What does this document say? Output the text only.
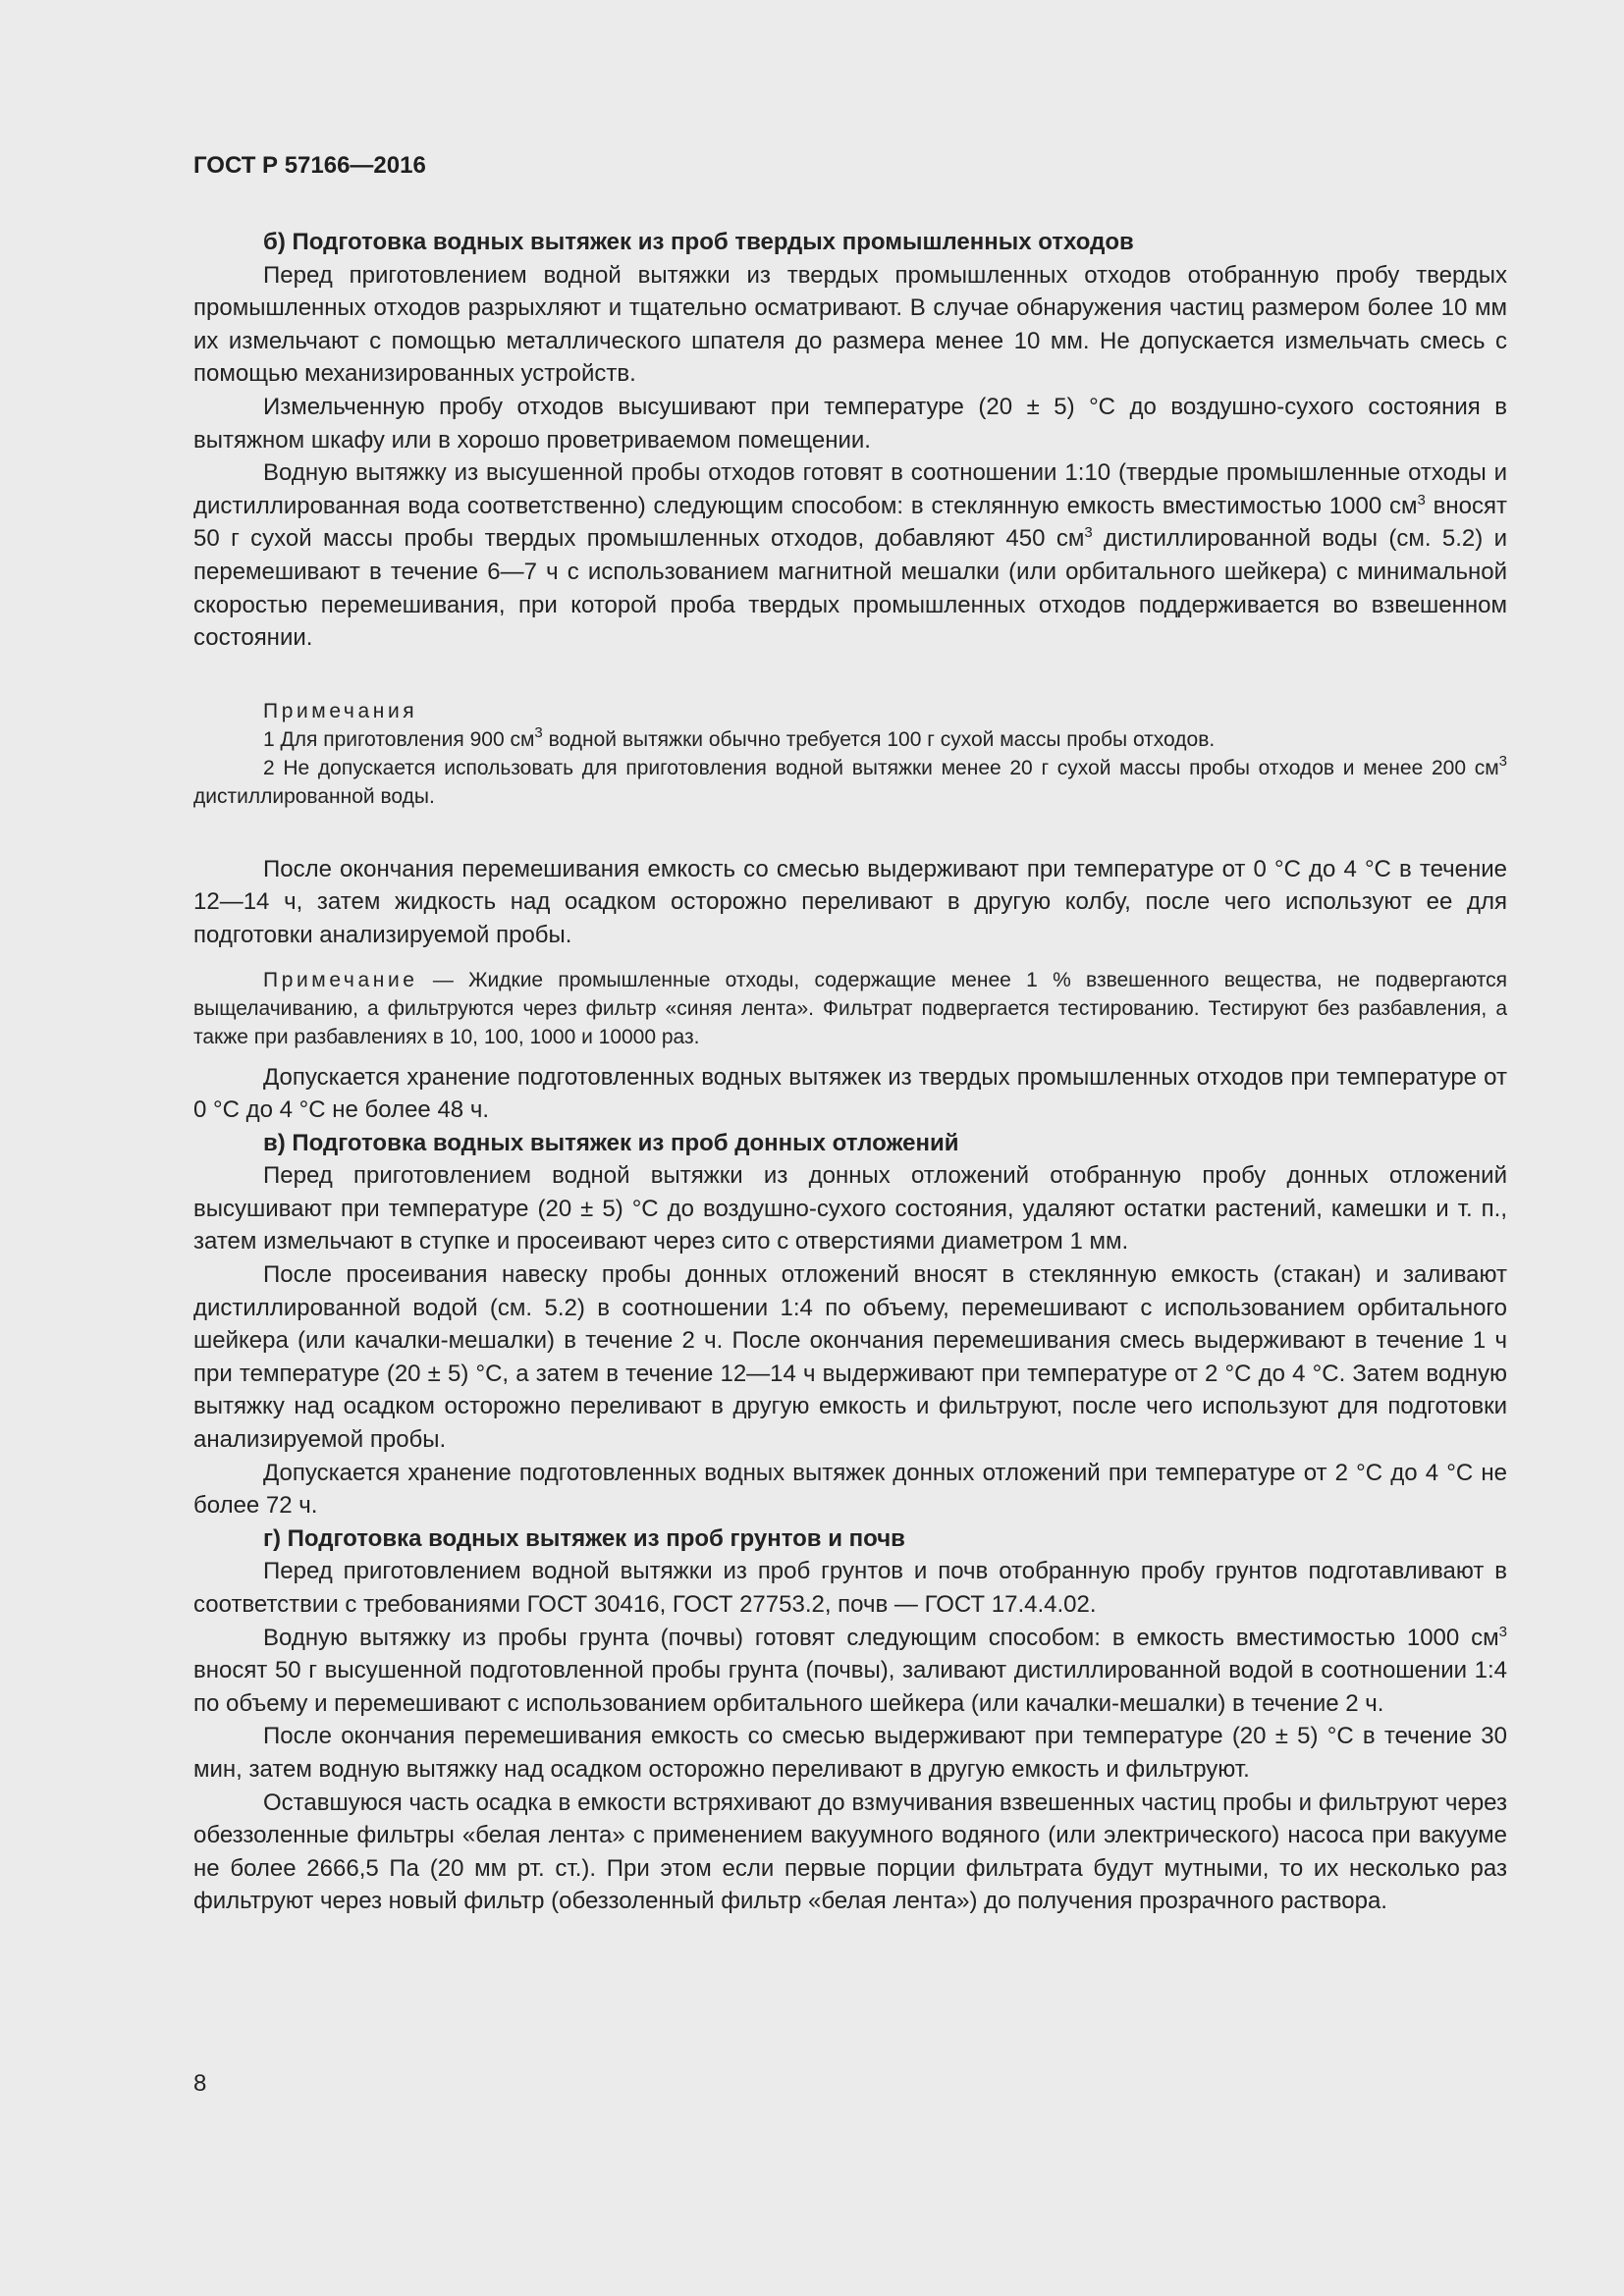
ГОСТ Р 57166—2016

б) Подготовка водных вытяжек из проб твердых промышленных отходов

Перед приготовлением водной вытяжки из твердых промышленных отходов отобранную пробу твердых промышленных отходов разрыхляют и тщательно осматривают. В случае обнаружения частиц размером более 10 мм их измельчают с помощью металлического шпателя до размера менее 10 мм. Не допускается измельчать смесь с помощью механизированных устройств.

Измельченную пробу отходов высушивают при температуре (20 ± 5) °С до воздушно-сухого состояния в вытяжном шкафу или в хорошо проветриваемом помещении.

Водную вытяжку из высушенной пробы отходов готовят в соотношении 1:10 (твердые промышленные отходы и дистиллированная вода соответственно) следующим способом: в стеклянную емкость вместимостью 1000 $см^3$ вносят 50 г сухой массы пробы твердых промышленных отходов, добавляют 450 $см^3$ дистиллированной воды (см. 5.2) и перемешивают в течение 6—7 ч с использованием магнитной мешалки (или орбитального шейкера) с минимальной скоростью перемешивания, при которой проба твердых промышленных отходов поддерживается во взвешенном состоянии.

Примечания

1 Для приготовления 900 $см^3$ водной вытяжки обычно требуется 100 г сухой массы пробы отходов.

2 Не допускается использовать для приготовления водной вытяжки менее 20 г сухой массы пробы отходов и менее 200 $см^3$ дистиллированной воды.

После окончания перемешивания емкость со смесью выдерживают при температуре от 0 °С до 4 °С в течение 12—14 ч, затем жидкость над осадком осторожно переливают в другую колбу, после чего используют ее для подготовки анализируемой пробы.

Примечание — Жидкие промышленные отходы, содержащие менее 1 % взвешенного вещества, не подвергаются выщелачиванию, а фильтруются через фильтр «синяя лента». Фильтрат подвергается тестированию. Тестируют без разбавления, а также при разбавлениях в 10, 100, 1000 и 10000 раз.

Допускается хранение подготовленных водных вытяжек из твердых промышленных отходов при температуре от 0 °С до 4 °С не более 48 ч.

в) Подготовка водных вытяжек из проб донных отложений

Перед приготовлением водной вытяжки из донных отложений отобранную пробу донных отложений высушивают при температуре (20 ± 5) °С до воздушно-сухого состояния, удаляют остатки растений, камешки и т. п., затем измельчают в ступке и просеивают через сито с отверстиями диаметром 1 мм.

После просеивания навеску пробы донных отложений вносят в стеклянную емкость (стакан) и заливают дистиллированной водой (см. 5.2) в соотношении 1:4 по объему, перемешивают с использованием орбитального шейкера (или качалки-мешалки) в течение 2 ч. После окончания перемешивания смесь выдерживают в течение 1 ч при температуре (20 ± 5) °С, а затем в течение 12—14 ч выдерживают при температуре от 2 °С до 4 °С. Затем водную вытяжку над осадком осторожно переливают в другую емкость и фильтруют, после чего используют для подготовки анализируемой пробы.

Допускается хранение подготовленных водных вытяжек донных отложений при температуре от 2 °С до 4 °С не более 72 ч.

г) Подготовка водных вытяжек из проб грунтов и почв

Перед приготовлением водной вытяжки из проб грунтов и почв отобранную пробу грунтов подготавливают в соответствии с требованиями ГОСТ 30416, ГОСТ 27753.2, почв — ГОСТ 17.4.4.02.

Водную вытяжку из пробы грунта (почвы) готовят следующим способом: в емкость вместимостью 1000 $см^3$ вносят 50 г высушенной подготовленной пробы грунта (почвы), заливают дистиллированной водой в соотношении 1:4 по объему и перемешивают с использованием орбитального шейкера (или качалки-мешалки) в течение 2 ч.

После окончания перемешивания емкость со смесью выдерживают при температуре (20 ± 5) °С в течение 30 мин, затем водную вытяжку над осадком осторожно переливают в другую емкость и фильтруют.

Оставшуюся часть осадка в емкости встряхивают до взмучивания взвешенных частиц пробы и фильтруют через обеззоленные фильтры «белая лента» с применением вакуумного водяного (или электрического) насоса при вакууме не более 2666,5 Па (20 мм рт. ст.). При этом если первые порции фильтрата будут мутными, то их несколько раз фильтруют через новый фильтр (обеззоленный фильтр «белая лента») до получения прозрачного раствора.

8
